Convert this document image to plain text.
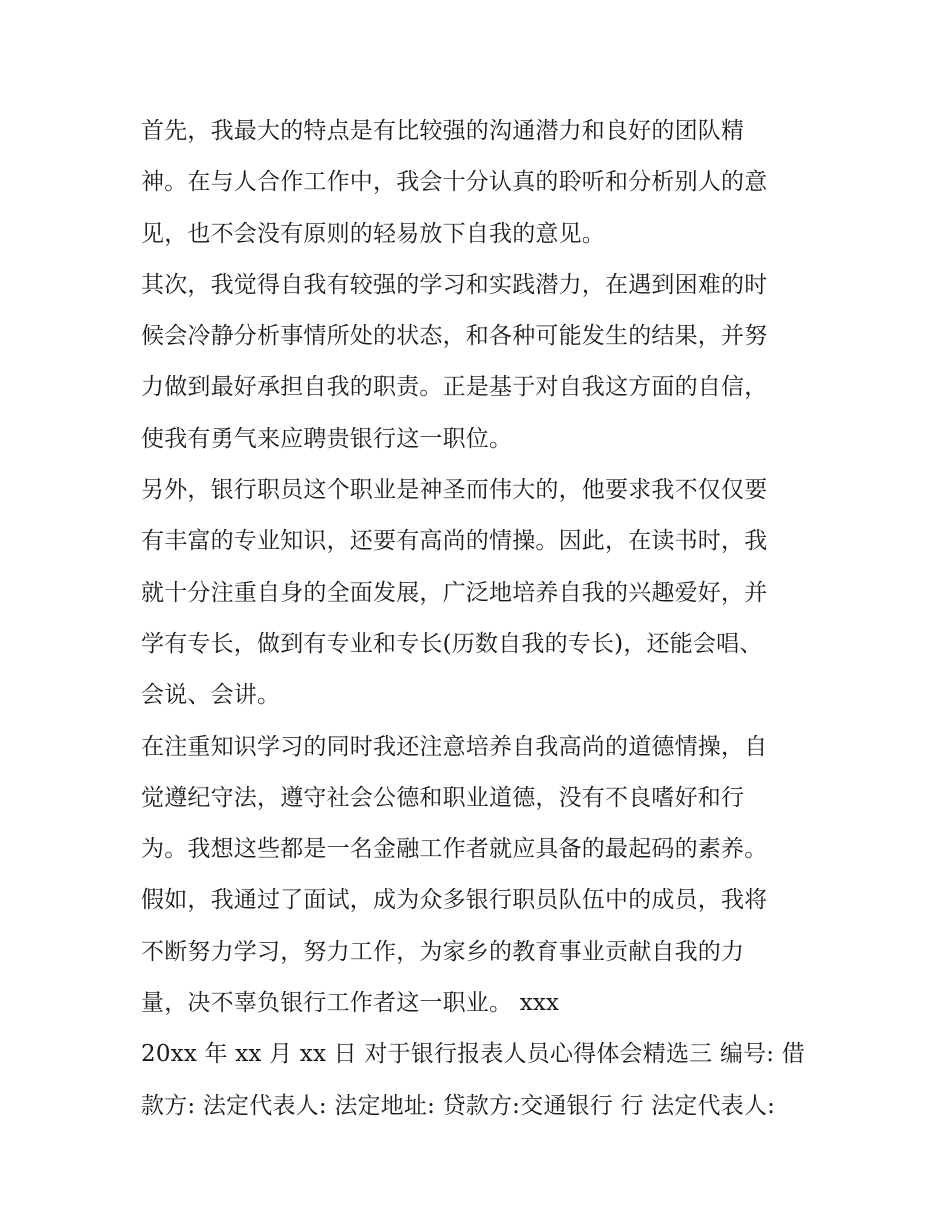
首先，我最大的特点是有比较强的沟通潜力和良好的团队精
神。在与人合作工作中，我会十分认真的聆听和分析别人的意
见，也不会没有原则的轻易放下自我的意见。
其次，我觉得自我有较强的学习和实践潜力，在遇到困难的时
候会冷静分析事情所处的状态，和各种可能发生的结果，并努
力做到最好承担自我的职责。正是基于对自我这方面的自信，
使我有勇气来应聘贵银行这一职位。
另外，银行职员这个职业是神圣而伟大的，他要求我不仅仅要
有丰富的专业知识，还要有高尚的情操。因此，在读书时，我
就十分注重自身的全面发展，广泛地培养自我的兴趣爱好，并
学有专长，做到有专业和专长(历数自我的专长)，还能会唱、
会说、会讲。
在注重知识学习的同时我还注意培养自我高尚的道德情操，自
觉遵纪守法，遵守社会公德和职业道德，没有不良嗜好和行
为。我想这些都是一名金融工作者就应具备的最起码的素养。
假如，我通过了面试，成为众多银行职员队伍中的成员，我将
不断努力学习，努力工作，为家乡的教育事业贡献自我的力
量，决不辜负银行工作者这一职业。 xxx
20xx 年 xx 月 xx 日 对于银行报表人员心得体会精选三 编号: 借
款方: 法定代表人: 法定地址: 贷款方:交通银行 行 法定代表人:
